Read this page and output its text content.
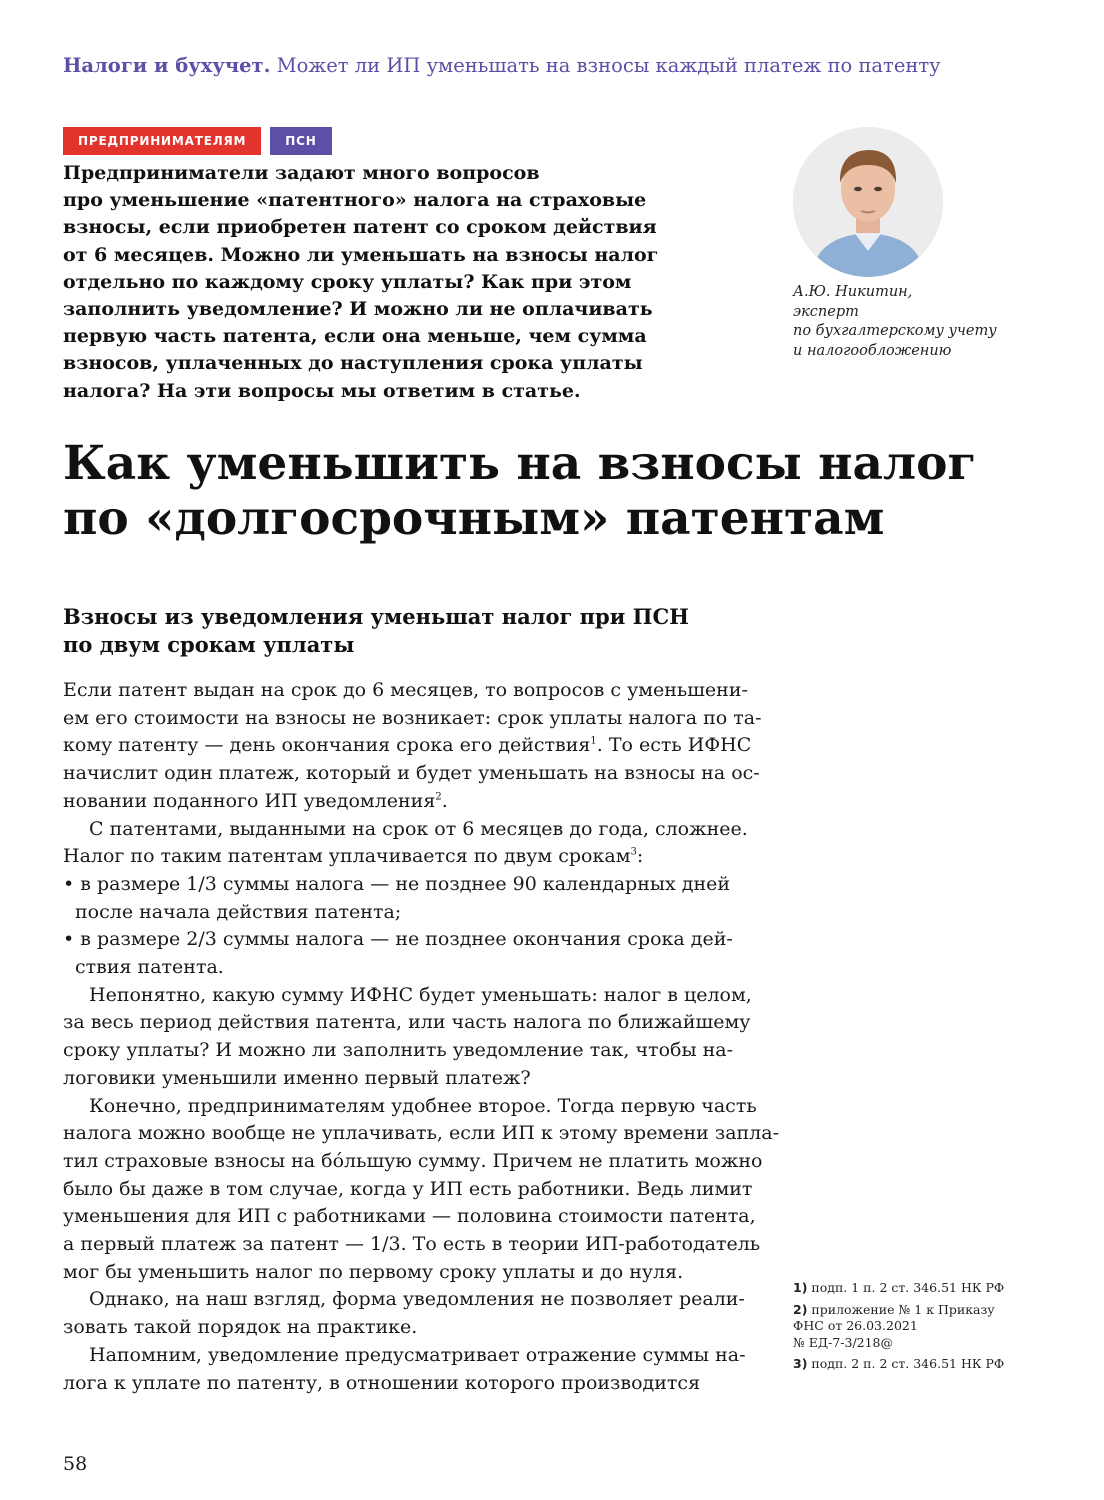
Налоги и бухучет. Может ли ИП уменьшать на взносы каждый платеж по патенту
ПРЕДПРИНИМАТЕЛЯМ	ПСН
Предприниматели задают много вопросов
про уменьшение «патентного» налога на страховые
взносы, если приобретен патент со сроком действия
от 6 месяцев. Можно ли уменьшать на взносы налог
отдельно по каждому сроку уплаты? Как при этом
заполнить уведомление? И можно ли не оплачивать
первую часть патента, если она меньше, чем сумма
взносов, уплаченных до наступления срока уплаты
налога? На эти вопросы мы ответим в статье.
А.Ю. Никитин,
эксперт
по бухгалтерскому учету
и налогообложению
Как уменьшить на взносы налог
по «долгосрочным» патентам
Взносы из уведомления уменьшат налог при ПСН
по двум срокам уплаты
Если патент выдан на срок до 6 месяцев, то вопросов с уменьшени-
ем его стоимости на взносы не возникает: срок уплаты налога по та-
кому патенту — день окончания срока его действия$^1$. То есть ИФНС
начислит один платеж, который и будет уменьшать на взносы на ос-
новании поданного ИП уведомления$^2$.
С патентами, выданными на срок от 6 месяцев до года, сложнее.
Налог по таким патентам уплачивается по двум срокам$^3$:
• в размере 1/3 суммы налога — не позднее 90 календарных дней
после начала действия патента;
• в размере 2/3 суммы налога — не позднее окончания срока дей-
ствия патента.
Непонятно, какую сумму ИФНС будет уменьшать: налог в целом,
за весь период действия патента, или часть налога по ближайшему
сроку уплаты? И можно ли заполнить уведомление так, чтобы на-
логовики уменьшили именно первый платеж?
Конечно, предпринимателям удобнее второе. Тогда первую часть
налога можно вообще не уплачивать, если ИП к этому времени запла-
тил страховые взносы на бóльшую сумму. Причем не платить можно
было бы даже в том случае, когда у ИП есть работники. Ведь лимит
уменьшения для ИП с работниками — половина стоимости патента,
а первый платеж за патент — 1/3. То есть в теории ИП-работодатель
мог бы уменьшить налог по первому сроку уплаты и до нуля.
Однако, на наш взгляд, форма уведомления не позволяет реали-
зовать такой порядок на практике.
Напомним, уведомление предусматривает отражение суммы на-
лога к уплате по патенту, в отношении которого производится
1) подп. 1 п. 2 ст. 346.51 НК РФ
2) приложение № 1 к Приказу
ФНС от 26.03.2021
№ ЕД-7-3/218@
3) подп. 2 п. 2 ст. 346.51 НК РФ
58
